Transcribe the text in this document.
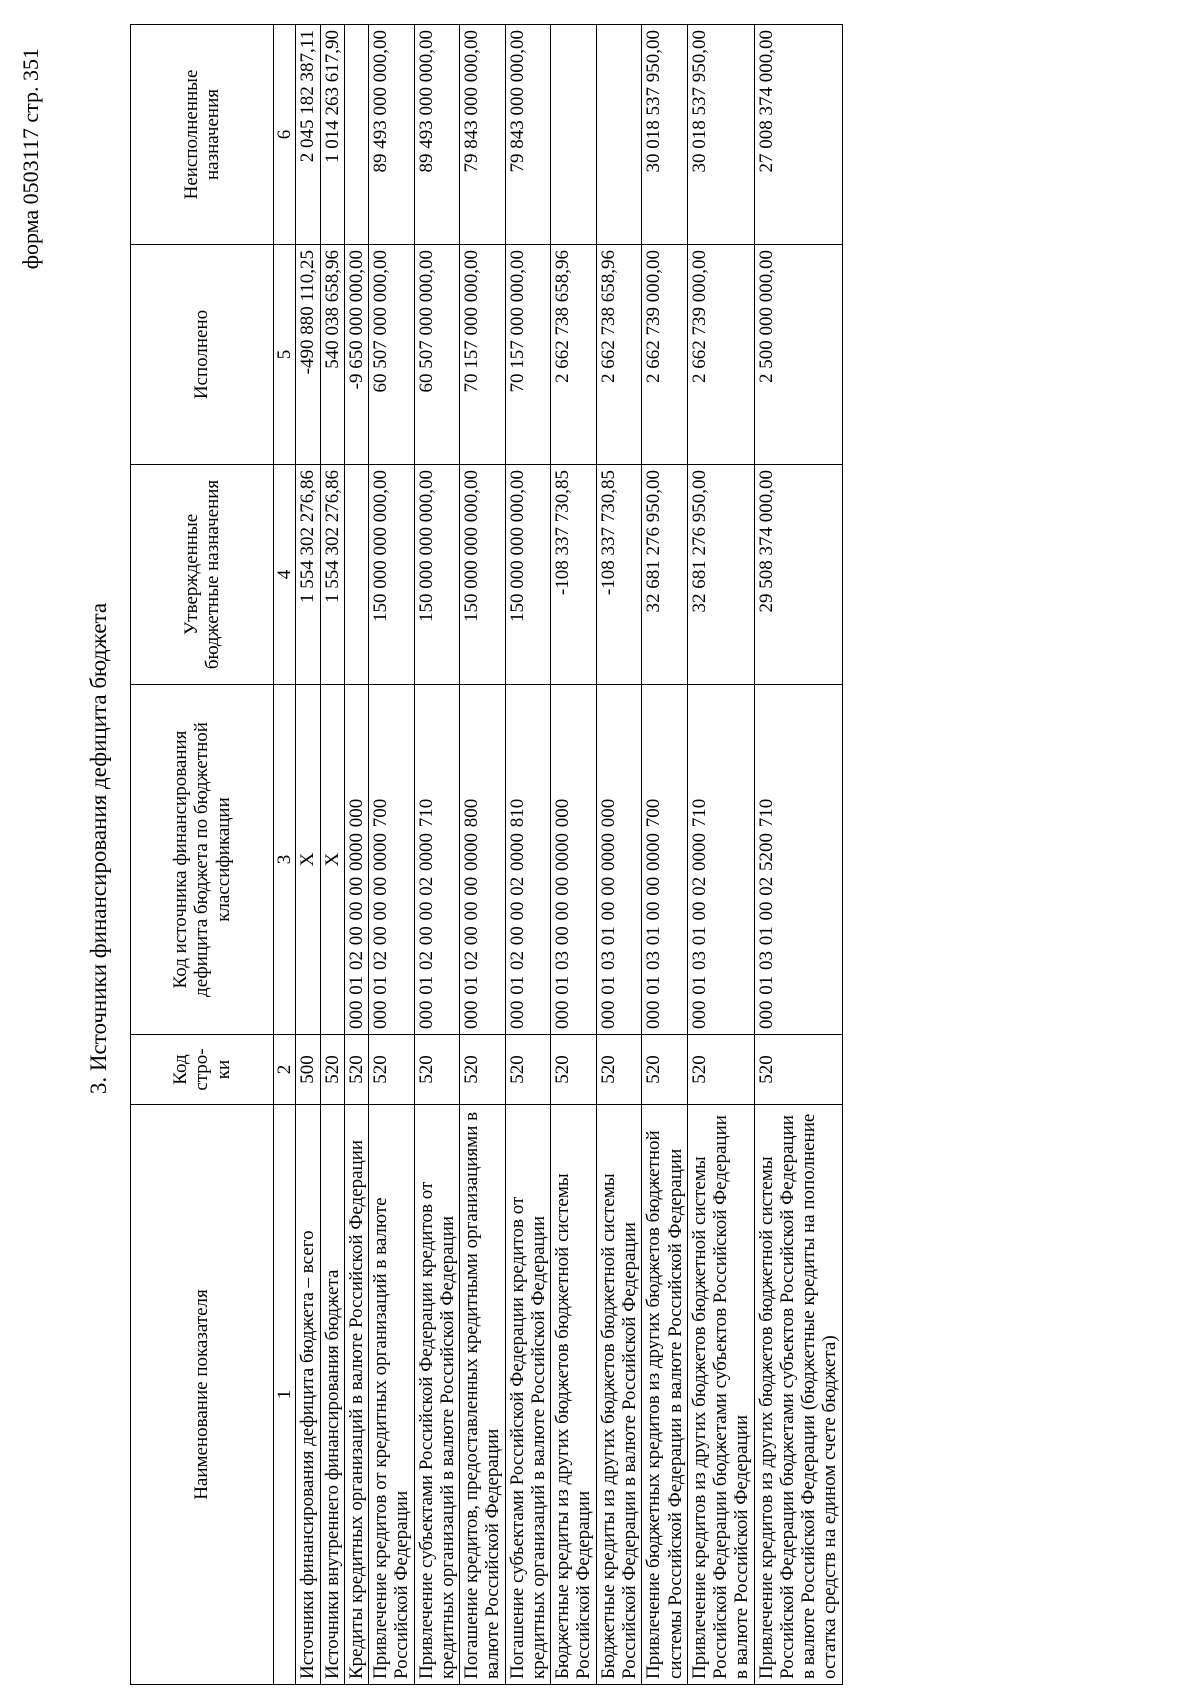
форма 0503117 стр. 351
3. Источники финансирования дефицита бюджета
Наименование показателя	Код стро-ки	Код источника финансирования дефицита бюджета по бюджетной классификации	Утвержденные бюджетные назначения	Исполнено	Неисполненные назначения
1	2	3	4	5	6
Источники финансирования дефицита бюджета – всего	500	X	1 554 302 276,86	-490 880 110,25	2 045 182 387,11
Источники внутреннего финансирования бюджета	520	X	1 554 302 276,86	540 038 658,96	1 014 263 617,90
Кредиты кредитных организаций в валюте Российской Федерации	520	000 01 02 00 00 00 0000 000		-9 650 000 000,00	
Привлечение кредитов от кредитных организаций в валюте Российской Федерации	520	000 01 02 00 00 00 0000 700	150 000 000 000,00	60 507 000 000,00	89 493 000 000,00
Привлечение субъектами Российской Федерации кредитов от кредитных организаций в валюте Российской Федерации	520	000 01 02 00 00 02 0000 710	150 000 000 000,00	60 507 000 000,00	89 493 000 000,00
Погашение кредитов, предоставленных кредитными организациями в валюте Российской Федерации	520	000 01 02 00 00 00 0000 800	150 000 000 000,00	70 157 000 000,00	79 843 000 000,00
Погашение субъектами Российской Федерации кредитов от кредитных организаций в валюте Российской Федерации	520	000 01 02 00 00 02 0000 810	150 000 000 000,00	70 157 000 000,00	79 843 000 000,00
Бюджетные кредиты из других бюджетов бюджетной системы Российской Федерации	520	000 01 03 00 00 00 0000 000	-108 337 730,85	2 662 738 658,96	
Бюджетные кредиты из других бюджетов бюджетной системы Российской Федерации в валюте Российской Федерации	520	000 01 03 01 00 00 0000 000	-108 337 730,85	2 662 738 658,96	
Привлечение бюджетных кредитов из других бюджетов бюджетной системы Российской Федерации в валюте Российской Федерации	520	000 01 03 01 00 00 0000 700	32 681 276 950,00	2 662 739 000,00	30 018 537 950,00
Привлечение кредитов из других бюджетов бюджетной системы Российской Федерации бюджетами субъектов Российской Федерации в валюте Российской Федерации	520	000 01 03 01 00 02 0000 710	32 681 276 950,00	2 662 739 000,00	30 018 537 950,00
Привлечение кредитов из других бюджетов бюджетной системы Российской Федерации бюджетами субъектов Российской Федерации в валюте Российской Федерации (бюджетные кредиты на пополнение остатка средств на едином счете бюджета)	520	000 01 03 01 00 02 5200 710	29 508 374 000,00	2 500 000 000,00	27 008 374 000,00
